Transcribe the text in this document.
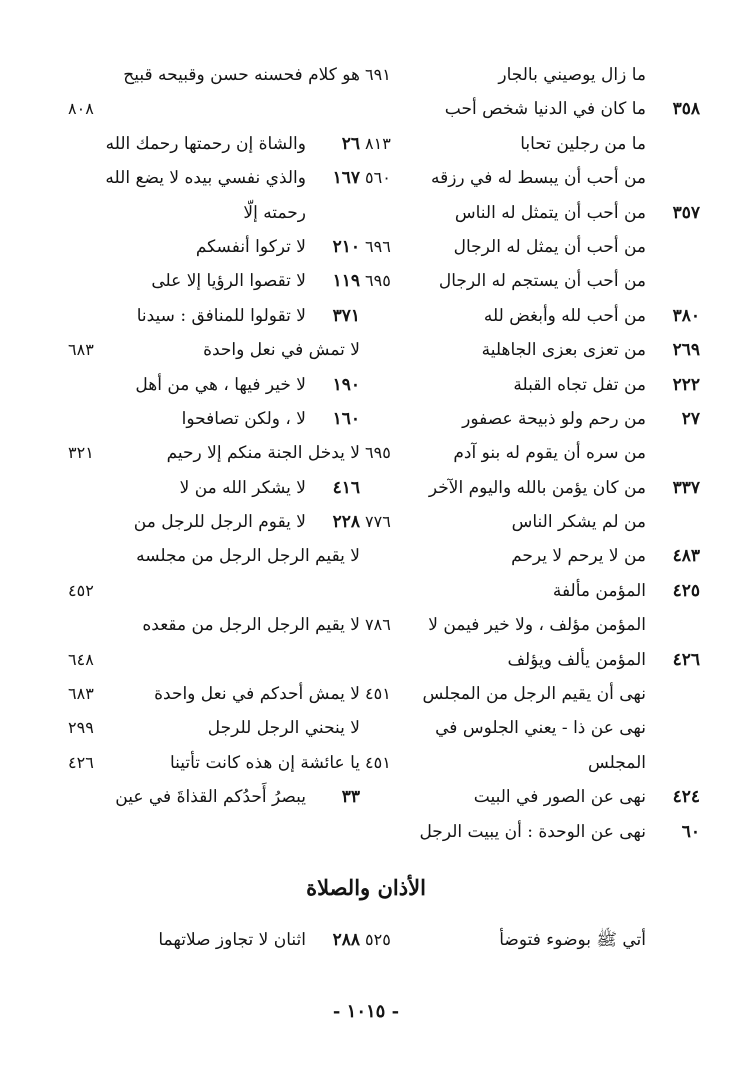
ما زال يوصيني بالجار
٦٩١
٣٥٨
ما كان في الدنيا شخص أحب
ما من رجلين تحابا
٨١٣
من أحب أن يبسط له في رزقه
٥٦٠
٣٥٧
من أحب أن يتمثل له الناس
من أحب أن يمثل له الرجال
٦٩٦
من أحب أن يستجم له الرجال
٦٩٥
٣٨٠
من أحب لله وأبغض لله
٢٦٩
من تعزى بعزى الجاهلية
٢٢٢
من تفل تجاه القبلة
٢٧
من رحم ولو ذبيحة عصفور
من سره أن يقوم له بنو آدم
٦٩٥
٣٣٧
من كان يؤمن بالله واليوم الآخر
من لم يشكر الناس
٧٧٦
٤٨٣
من لا يرحم لا يرحم
٤٢٥
المؤمن مألفة
المؤمن مؤلف ، ولا خير فيمن لا
٧٨٦
٤٢٦
المؤمن يألف ويؤلف
نهى أن يقيم الرجل من المجلس
٤٥١
نهى عن ذا - يعني الجلوس في
المجلس
٤٥١
٤٢٤
نهى عن الصور في البيت
٦٠
نهى عن الوحدة : أن يبيت الرجل
هو كلام فحسنه حسن وقبيحه قبيح
٨٠٨
٢٦
والشاة إن رحمتها رحمك الله
١٦٧
والذي نفسي بيده لا يضع الله
رحمته إلّا
٢١٠
لا تركوا أنفسكم
١١٩
لا تقصوا الرؤيا إلا على
٣٧١
لا تقولوا للمنافق : سيدنا
لا تمش في نعل واحدة
٦٨٣
١٩٠
لا خير فيها ، هي من أهل
١٦٠
لا ، ولكن تصافحوا
لا يدخل الجنة منكم إلا رحيم
٣٢١
٤١٦
لا يشكر الله من لا
٢٢٨
لا يقوم الرجل للرجل من
لا يقيم الرجل الرجل من مجلسه
٤٥٢
لا يقيم الرجل الرجل من مقعده
٦٤٨
لا يمش أحدكم في نعل واحدة
٦٨٣
لا ينحني الرجل للرجل
٢٩٩
يا عائشة إن هذه كانت تأتينا
٤٢٦
٣٣
يبصرُ أَحدُكم القذاةَ في عين
الأذان والصلاة
أتي ﷺ بوضوء فتوضأ
٥٢٥
٢٨٨
اثنان لا تجاوز صلاتهما
- ١٠١٥ -
